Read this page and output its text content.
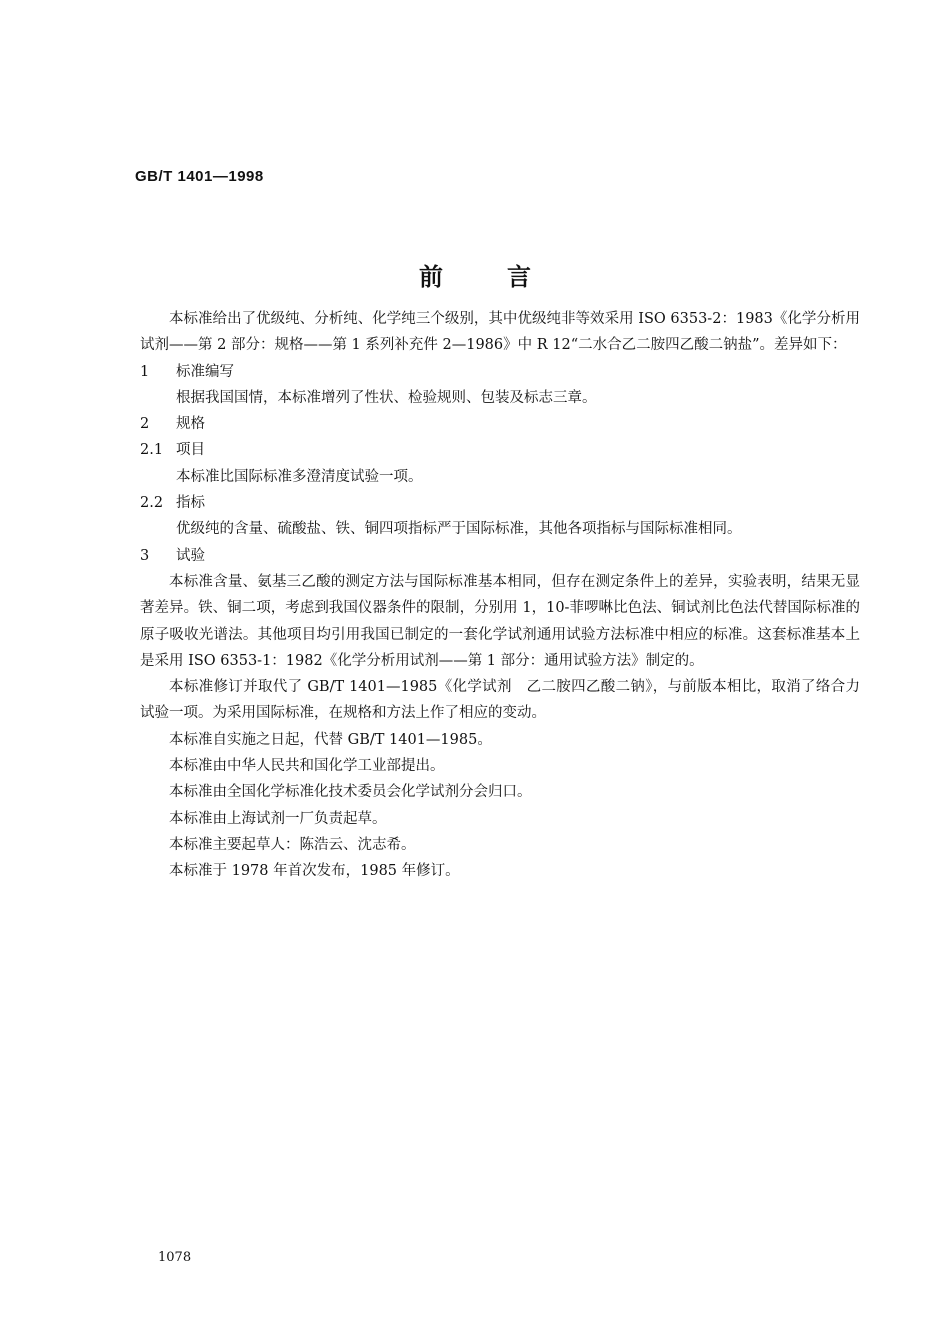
GB/T 1401—1998
前言

本标准给出了优级纯、分析纯、化学纯三个级别，其中优级纯非等效采用 ISO 6353-2：1983《化学分析用试剂——第 2 部分：规格——第 1 系列补充件 2—1986》中 R 12“二水合乙二胺四乙酸二钠盐”。差异如下：

1 标准编写

根据我国国情，本标准增列了性状、检验规则、包装及标志三章。

2 规格

2.1 项目

本标准比国际标准多澄清度试验一项。

2.2 指标

优级纯的含量、硫酸盐、铁、铜四项指标严于国际标准，其他各项指标与国际标准相同。

3 试验

本标准含量、氨基三乙酸的测定方法与国际标准基本相同，但存在测定条件上的差异，实验表明，结果无显著差异。铁、铜二项，考虑到我国仪器条件的限制，分别用 1，10-菲啰啉比色法、铜试剂比色法代替国际标准的原子吸收光谱法。其他项目均引用我国已制定的一套化学试剂通用试验方法标准中相应的标准。这套标准基本上是采用 ISO 6353-1：1982《化学分析用试剂——第 1 部分：通用试验方法》制定的。

本标准修订并取代了 GB/T 1401—1985《化学试剂　乙二胺四乙酸二钠》，与前版本相比，取消了络合力试验一项。为采用国际标准，在规格和方法上作了相应的变动。

本标准自实施之日起，代替 GB/T 1401—1985。

本标准由中华人民共和国化学工业部提出。

本标准由全国化学标准化技术委员会化学试剂分会归口。

本标准由上海试剂一厂负责起草。

本标准主要起草人：陈浩云、沈志希。

本标准于 1978 年首次发布，1985 年修订。

1078
